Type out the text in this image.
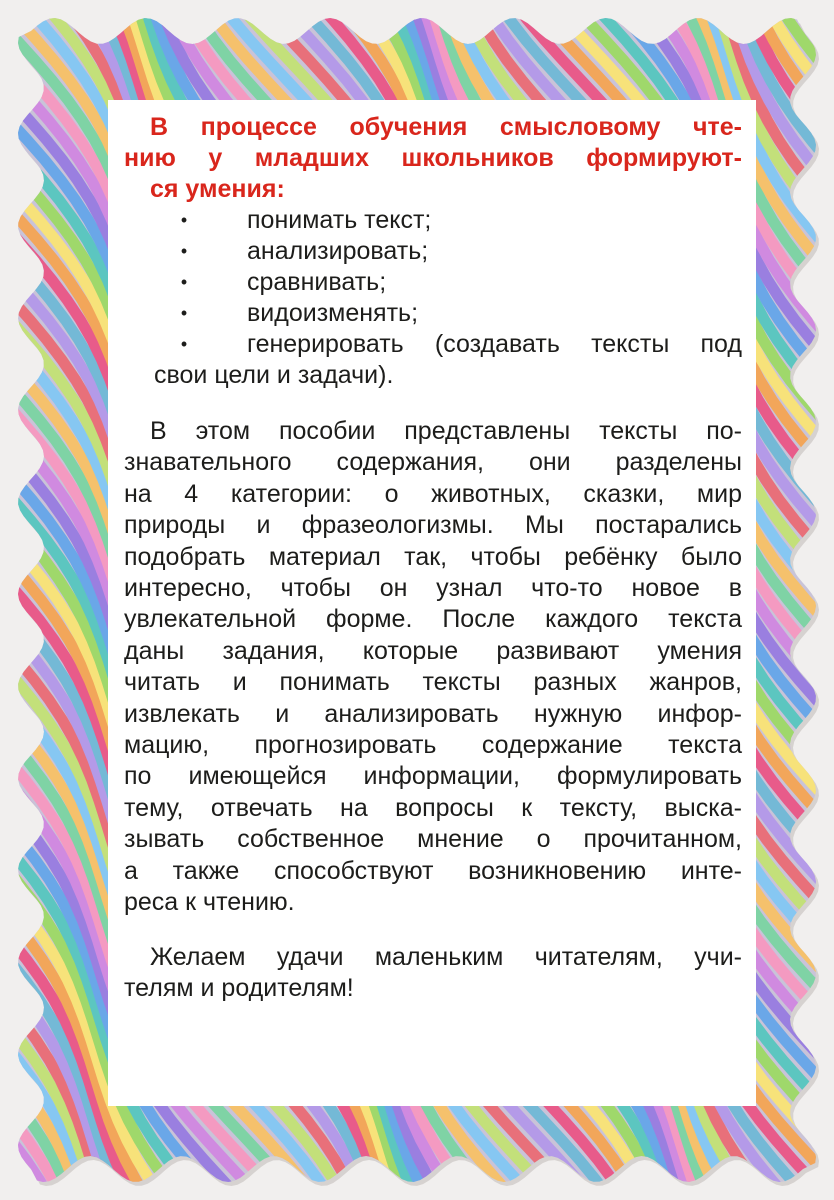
В процессе обучения смысловому чте-
нию у младших школьников формируют-
ся умения:
• понимать текст;
• анализировать;
• сравнивать;
• видоизменять;
• генерировать (создавать тексты под
свои цели и задачи).
В этом пособии представлены тексты по-
знавательного содержания, они разделены
на 4 категории: о животных, сказки, мир
природы и фразеологизмы. Мы постарались
подобрать материал так, чтобы ребёнку было
интересно, чтобы он узнал что-то новое в
увлекательной форме. После каждого текста
даны задания, которые развивают умения
читать и понимать тексты разных жанров,
извлекать и анализировать нужную инфор-
мацию, прогнозировать содержание текста
по имеющейся информации, формулировать
тему, отвечать на вопросы к тексту, выска-
зывать собственное мнение о прочитанном,
а также способствуют возникновению инте-
реса к чтению.
Желаем удачи маленьким читателям, учи-
телям и родителям!
